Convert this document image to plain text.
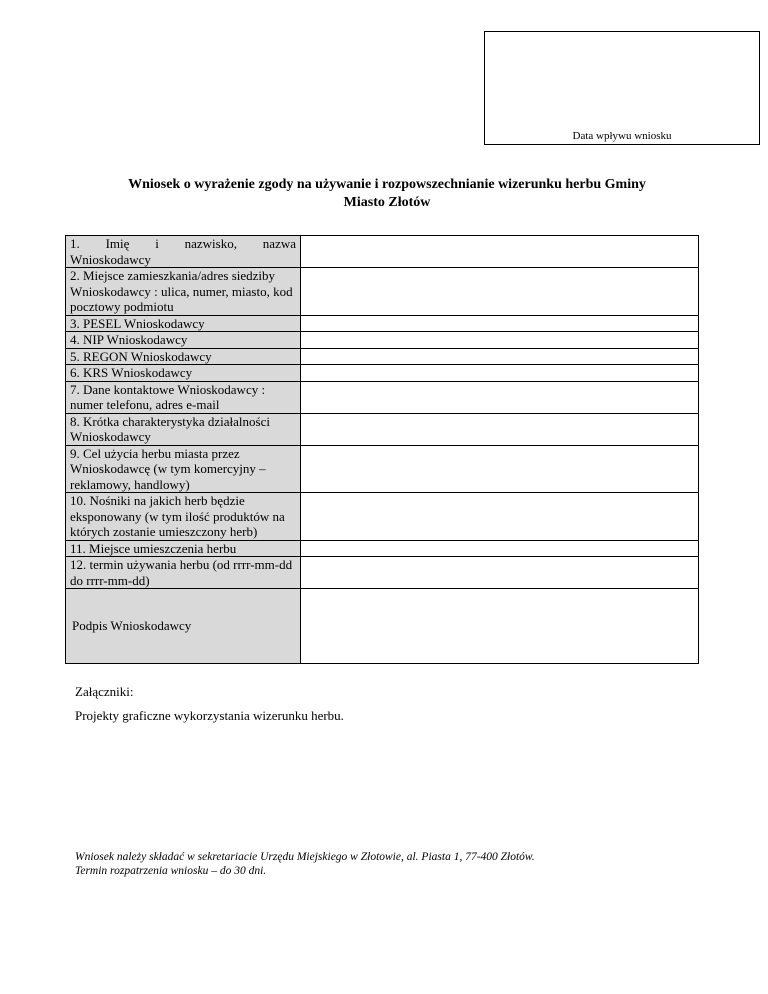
Data wpływu wniosku
Wniosek o wyrażenie zgody na używanie i rozpowszechnianie wizerunku herbu Gminy
Miasto Złotów
1. Imię i nazwisko, nazwa
Wnioskodawcy	

2. Miejsce zamieszkania/adres siedziby Wnioskodawcy : ulica, numer, miasto, kod pocztowy podmiotu	
3. PESEL Wnioskodawcy	
4. NIP Wnioskodawcy	
5. REGON Wnioskodawcy	
6. KRS Wnioskodawcy	
7. Dane kontaktowe Wnioskodawcy : numer telefonu, adres e-mail	
8. Krótka charakterystyka działalności Wnioskodawcy	
9. Cel użycia herbu miasta przez Wnioskodawcę (w tym komercyjny – reklamowy, handlowy)	
10. Nośniki na jakich herb będzie eksponowany (w tym ilość produktów na których zostanie umieszczony herb)	
11. Miejsce umieszczenia herbu	
12. termin używania herbu (od rrrr-mm-dd do rrrr-mm-dd)	
Podpis Wnioskodawcy	
Załączniki:
Projekty graficzne wykorzystania wizerunku herbu.
Wniosek należy składać w sekretariacie Urzędu Miejskiego w Złotowie, al. Piasta 1, 77-400 Złotów.
Termin rozpatrzenia wniosku – do 30 dni.
